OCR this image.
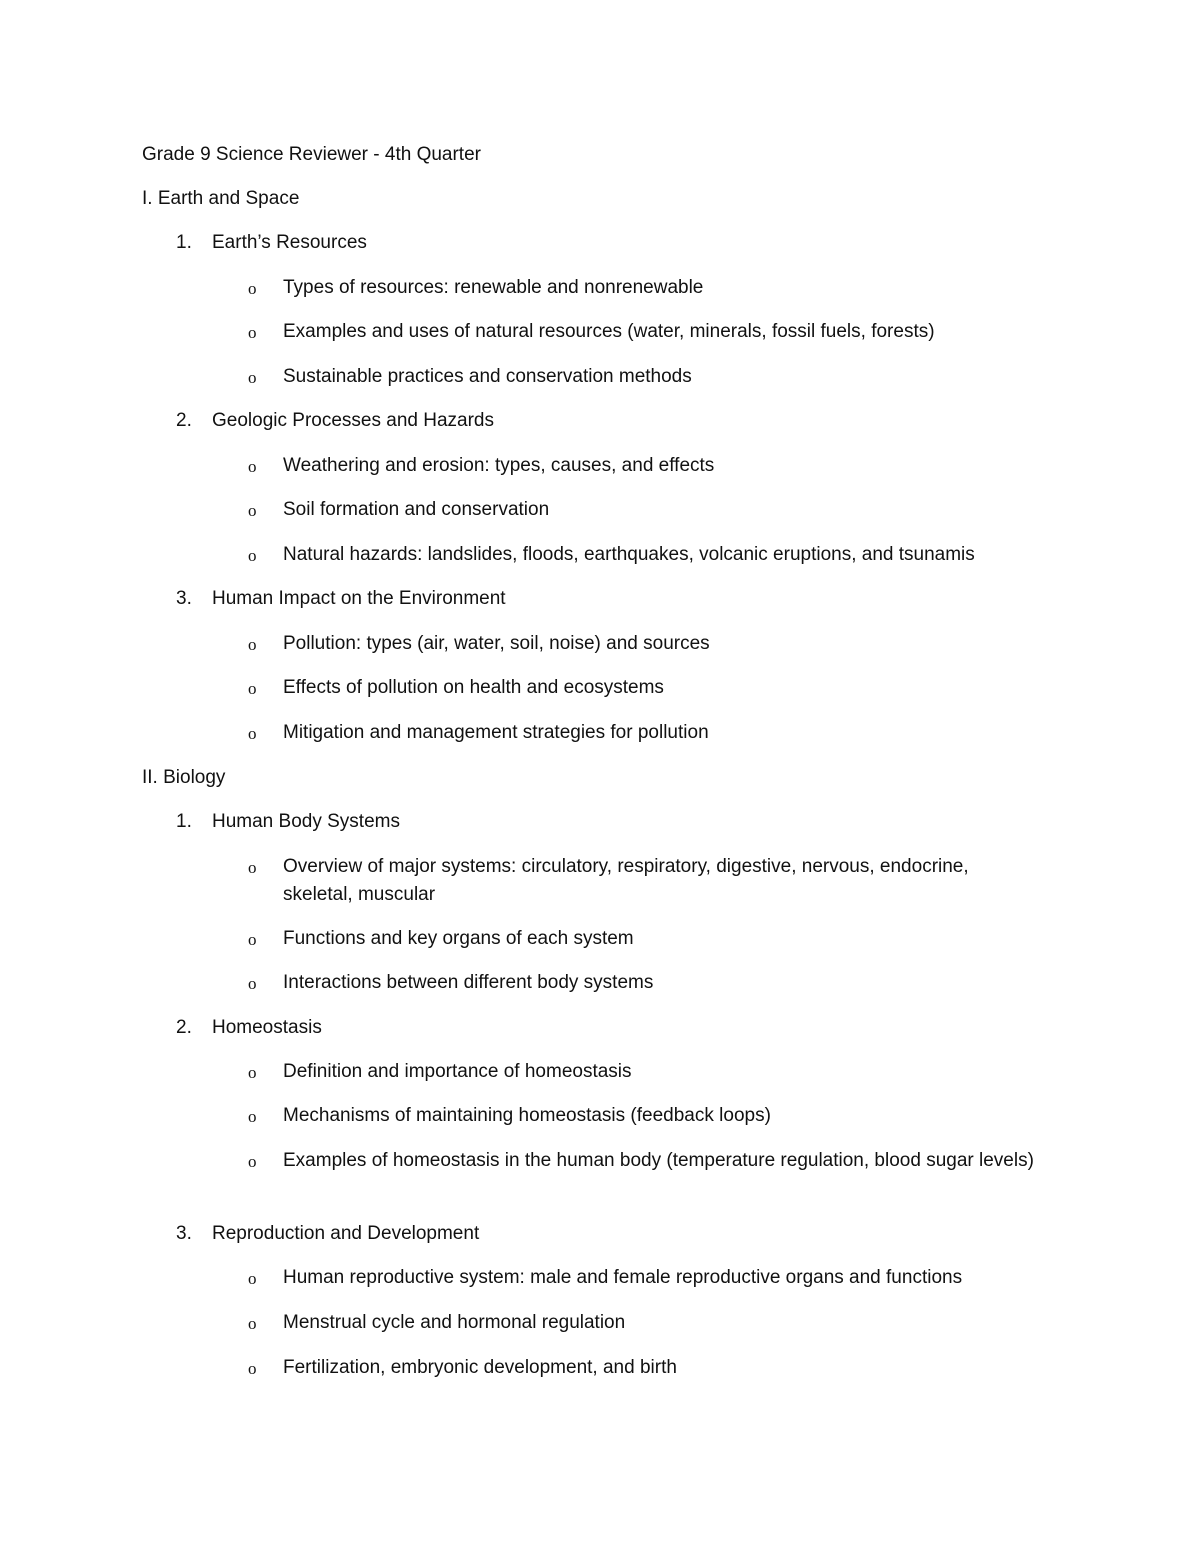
Grade 9 Science Reviewer - 4th Quarter
I. Earth and Space
1. Earth’s Resources
o Types of resources: renewable and nonrenewable
o Examples and uses of natural resources (water, minerals, fossil fuels, forests)
o Sustainable practices and conservation methods
2. Geologic Processes and Hazards
o Weathering and erosion: types, causes, and effects
o Soil formation and conservation
o Natural hazards: landslides, floods, earthquakes, volcanic eruptions, and tsunamis
3. Human Impact on the Environment
o Pollution: types (air, water, soil, noise) and sources
o Effects of pollution on health and ecosystems
o Mitigation and management strategies for pollution
II. Biology
1. Human Body Systems
o Overview of major systems: circulatory, respiratory, digestive, nervous, endocrine, skeletal, muscular
o Functions and key organs of each system
o Interactions between different body systems
2. Homeostasis
o Definition and importance of homeostasis
o Mechanisms of maintaining homeostasis (feedback loops)
o Examples of homeostasis in the human body (temperature regulation, blood sugar levels)
3. Reproduction and Development
o Human reproductive system: male and female reproductive organs and functions
o Menstrual cycle and hormonal regulation
o Fertilization, embryonic development, and birth
